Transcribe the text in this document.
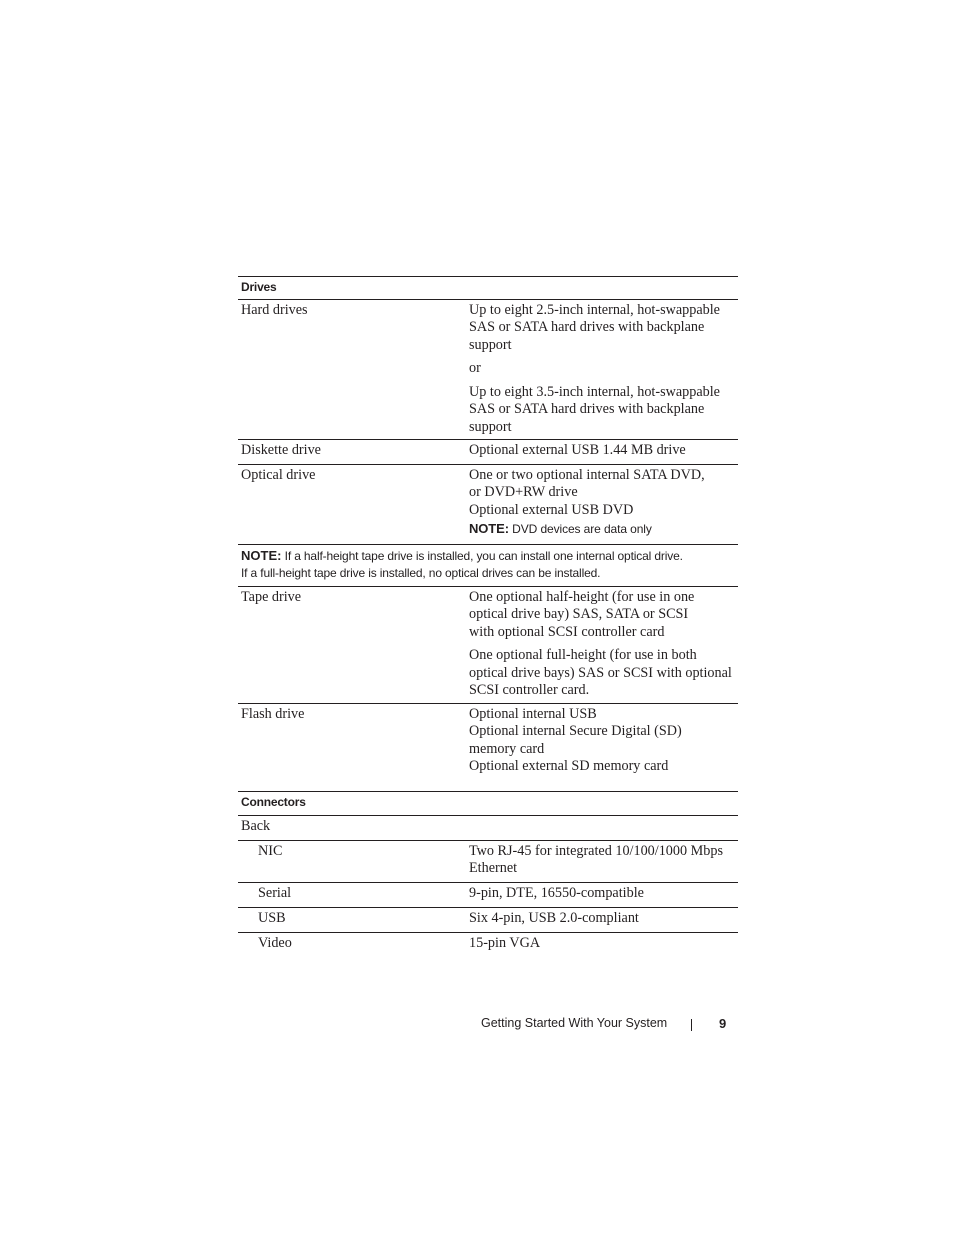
Drives
Hard drives	Up to eight 2.5-inch internal, hot-swappable
SAS or SATA hard drives with backplane
support
or
Up to eight 3.5-inch internal, hot-swappable
SAS or SATA hard drives with backplane
support
Diskette drive	Optional external USB 1.44 MB drive
Optical drive	One or two optional internal SATA DVD,
or DVD+RW drive
Optional external USB DVD
NOTE: DVD devices are data only
NOTE: If a half-height tape drive is installed, you can install one internal optical drive.
If a full-height tape drive is installed, no optical drives can be installed.
Tape drive	One optional half-height (for use in one
optical drive bay) SAS, SATA or SCSI
with optional SCSI controller card
One optional full-height (for use in both
optical drive bays) SAS or SCSI with optional
SCSI controller card.
Flash drive	Optional internal USB
Optional internal Secure Digital (SD)
memory card
Optional external SD memory card
Connectors
Back
NIC	Two RJ-45 for integrated 10/100/1000 Mbps
Ethernet
Serial	9-pin, DTE, 16550-compatible
USB	Six 4-pin, USB 2.0-compliant
Video	15-pin VGA
Getting Started With Your System	9
